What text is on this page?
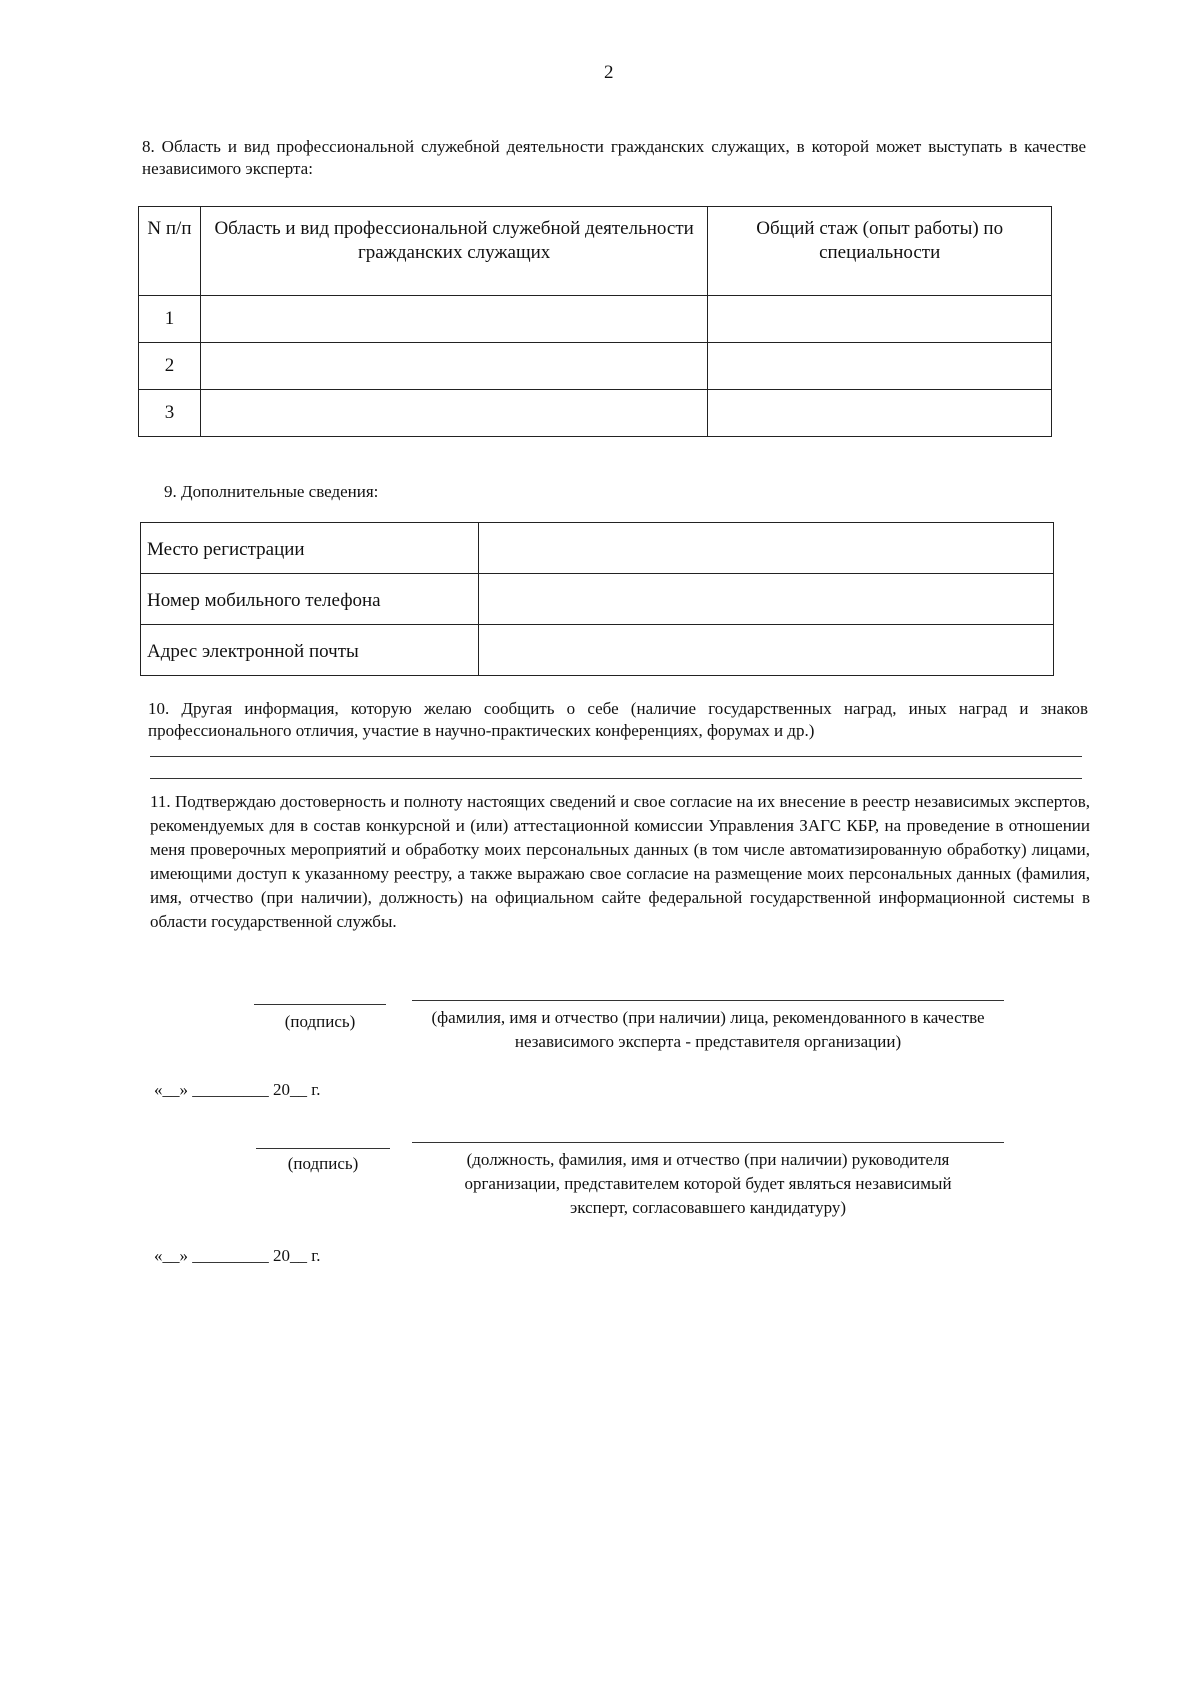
2
8. Область и вид профессиональной служебной деятельности гражданских служащих, в которой может выступать в качестве независимого эксперта:
N п/п	Область и вид профессиональной служебной деятельности гражданских служащих	Общий стаж (опыт работы) по специальности
1		
2		
3		
9. Дополнительные сведения:
Место регистрации	
Номер мобильного телефона	
Адрес электронной почты	
10. Другая информация, которую желаю сообщить о себе (наличие государственных наград, иных наград и знаков профессионального отличия, участие в научно-практических конференциях, форумах и др.)
11. Подтверждаю достоверность и полноту настоящих сведений и свое согласие на их внесение в реестр независимых экспертов, рекомендуемых для в состав конкурсной и (или) аттестационной комиссии Управления ЗАГС КБР, на проведение в отношении меня проверочных мероприятий и обработку моих персональных данных (в том числе автоматизированную обработку) лицами, имеющими доступ к указанному реестру, а также выражаю свое согласие на размещение моих персональных данных (фамилия, имя, отчество (при наличии), должность) на официальном сайте федеральной государственной информационной системы в области государственной службы.
(подпись)	(фамилия, имя и отчество (при наличии) лица, рекомендованного в качестве независимого эксперта - представителя организации)
«__» _________ 20__ г.
(подпись)	(должность, фамилия, имя и отчество (при наличии) руководителя организации, представителем которой будет являться независимый эксперт, согласовавшего кандидатуру)
«__» _________ 20__ г.
